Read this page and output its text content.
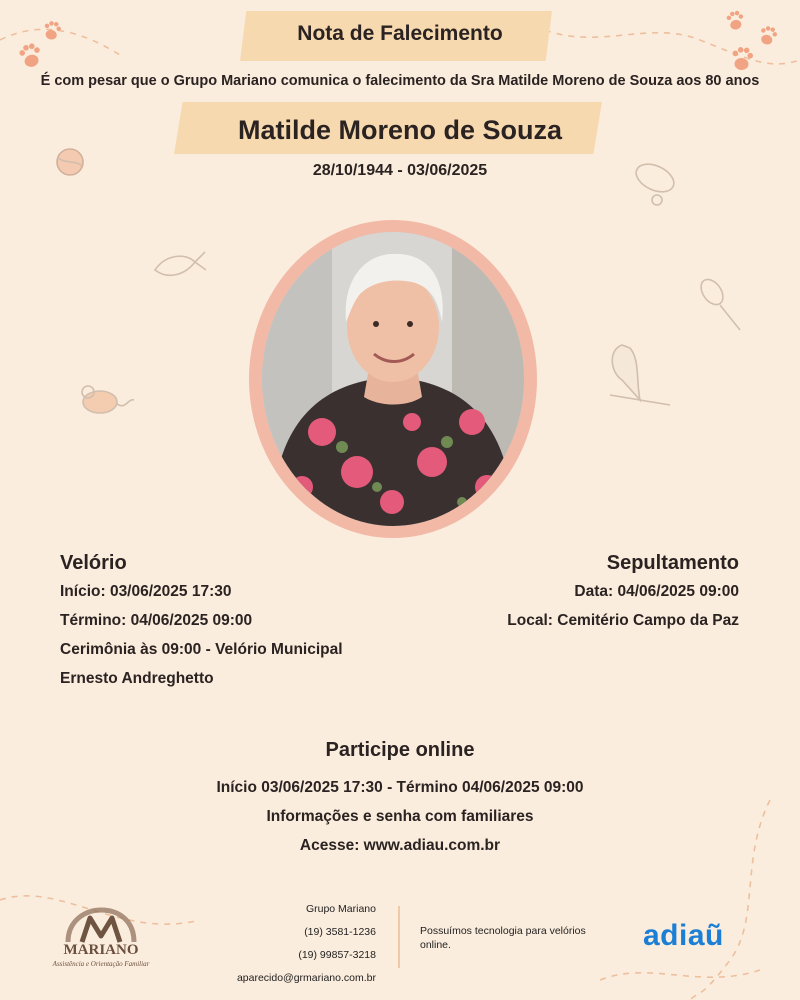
Nota de Falecimento
É com pesar que o Grupo Mariano comunica o falecimento da Sra Matilde Moreno de Souza aos 80 anos
Matilde Moreno de Souza
28/10/1944 - 03/06/2025
Velório
Início: 03/06/2025 17:30
Término: 04/06/2025 09:00
Cerimônia às 09:00 - Velório Municipal
Ernesto Andreghetto
Sepultamento
Data: 04/06/2025 09:00
Local: Cemitério Campo da Paz
Participe online
Início 03/06/2025 17:30 - Término 04/06/2025 09:00
Informações e senha com familiares
Acesse: www.adiau.com.br
MARIANO
Assistência e Orientação Familiar
Grupo Mariano
(19) 3581-1236
(19) 99857-3218
aparecido@grmariano.com.br
Possuímos tecnologia para velórios online.	adiaũ
